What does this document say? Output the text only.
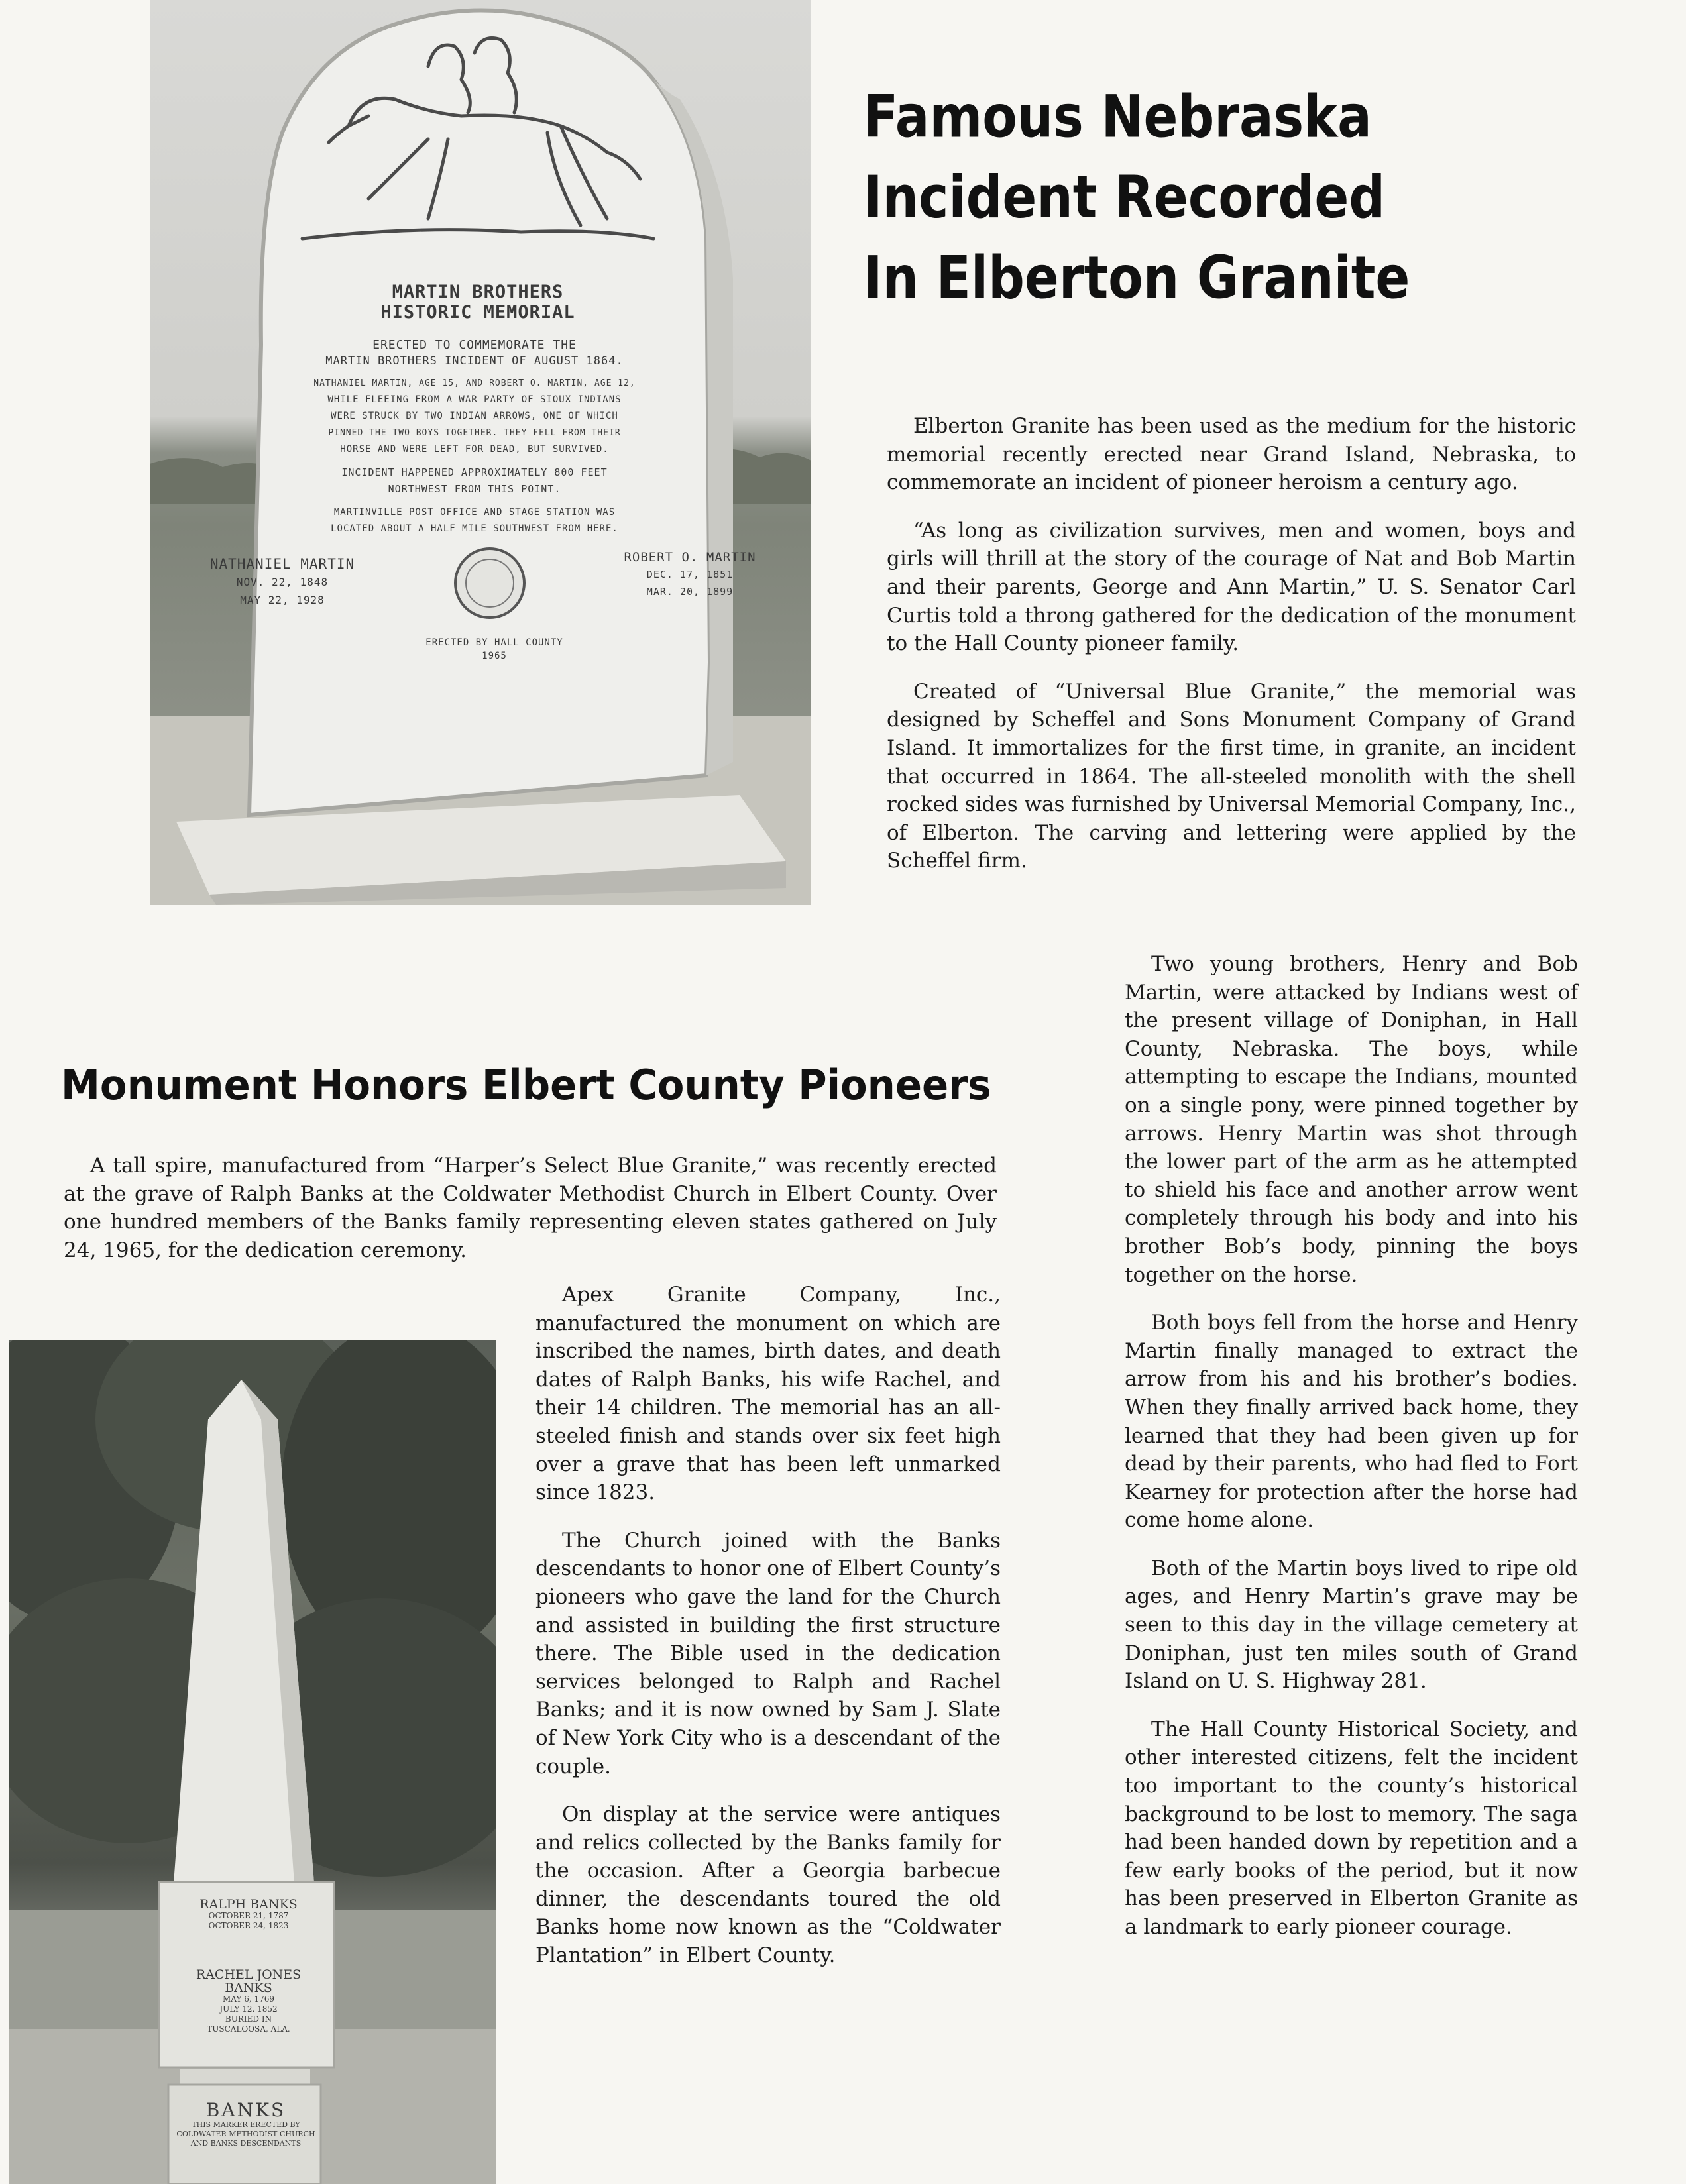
MARTIN BROTHERS
HISTORIC MEMORIAL
ERECTED TO COMMEMORATE THE
MARTIN BROTHERS INCIDENT OF AUGUST 1864.
NATHANIEL MARTIN, AGE 15, AND ROBERT O. MARTIN, AGE 12,
WHILE FLEEING FROM A WAR PARTY OF SIOUX INDIANS
WERE STRUCK BY TWO INDIAN ARROWS, ONE OF WHICH
PINNED THE TWO BOYS TOGETHER. THEY FELL FROM THEIR
HORSE AND WERE LEFT FOR DEAD, BUT SURVIVED.
INCIDENT HAPPENED APPROXIMATELY 800 FEET
NORTHWEST FROM THIS POINT.
MARTINVILLE POST OFFICE AND STAGE STATION WAS
LOCATED ABOUT A HALF MILE SOUTHWEST FROM HERE.
NATHANIEL MARTIN
NOV. 22, 1848
MAY 22, 1928
ROBERT O. MARTIN
DEC. 17, 1851
MAR. 20, 1899
ERECTED BY HALL COUNTY
1965
Famous Nebraska
Incident Recorded
In Elberton Granite

Elberton Granite has been used as the medium for the historic memorial recently erected near Grand Island, Nebraska, to commemorate an incident of pioneer heroism a century ago.

“As long as civilization survives, men and women, boys and girls will thrill at the story of the courage of Nat and Bob Martin and their parents, George and Ann Martin,” U. S. Senator Carl Curtis told a throng gathered for the dedication of the monument to the Hall County pioneer family.

Created of “Universal Blue Granite,” the memorial was designed by Scheffel and Sons Monument Company of Grand Island. It immortalizes for the first time, in granite, an incident that occurred in 1864. The all-steeled monolith with the shell rocked sides was furnished by Universal Memorial Company, Inc., of Elberton. The carving and lettering were applied by the Scheffel firm.

Two young brothers, Henry and Bob Martin, were attacked by Indians west of the present village of Doniphan, in Hall County, Nebraska. The boys, while attempting to escape the Indians, mounted on a single pony, were pinned together by arrows. Henry Martin was shot through the lower part of the arm as he attempted to shield his face and another arrow went completely through his body and into his brother Bob’s body, pinning the boys together on the horse.

Both boys fell from the horse and Henry Martin finally managed to extract the arrow from his and his brother’s bodies. When they finally arrived back home, they learned that they had been given up for dead by their parents, who had fled to Fort Kearney for protection after the horse had come home alone.

Both of the Martin boys lived to ripe old ages, and Henry Martin’s grave may be seen to this day in the village cemetery at Doniphan, just ten miles south of Grand Island on U. S. Highway 281.

The Hall County Historical Society, and other interested citizens, felt the incident too important to the county’s historical background to be lost to memory. The saga had been handed down by repetition and a few early books of the period, but it now has been preserved in Elberton Granite as a landmark to early pioneer courage.

Monument Honors Elbert County Pioneers

A tall spire, manufactured from “Harper’s Select Blue Granite,” was recently erected at the grave of Ralph Banks at the Coldwater Methodist Church in Elbert County. Over one hundred members of the Banks family representing eleven states gathered on July 24, 1965, for the dedication ceremony.

RALPH BANKS
OCTOBER 21, 1787
OCTOBER 24, 1823
RACHEL JONES
BANKS
MAY 6, 1769
JULY 12, 1852
BURIED IN
TUSCALOOSA, ALA.
BANKS
THIS MARKER ERECTED BY
COLDWATER METHODIST CHURCH
AND BANKS DESCENDANTS

Apex Granite Company, Inc., manufactured the monument on which are inscribed the names, birth dates, and death dates of Ralph Banks, his wife Rachel, and their 14 children. The memorial has an all-steeled finish and stands over six feet high over a grave that has been left unmarked since 1823.

The Church joined with the Banks descendants to honor one of Elbert County’s pioneers who gave the land for the Church and assisted in building the first structure there. The Bible used in the dedication services belonged to Ralph and Rachel Banks; and it is now owned by Sam J. Slate of New York City who is a descendant of the couple.

On display at the service were antiques and relics collected by the Banks family for the occasion. After a Georgia barbecue dinner, the descendants toured the old Banks home now known as the “Coldwater Plantation” in Elbert County.
